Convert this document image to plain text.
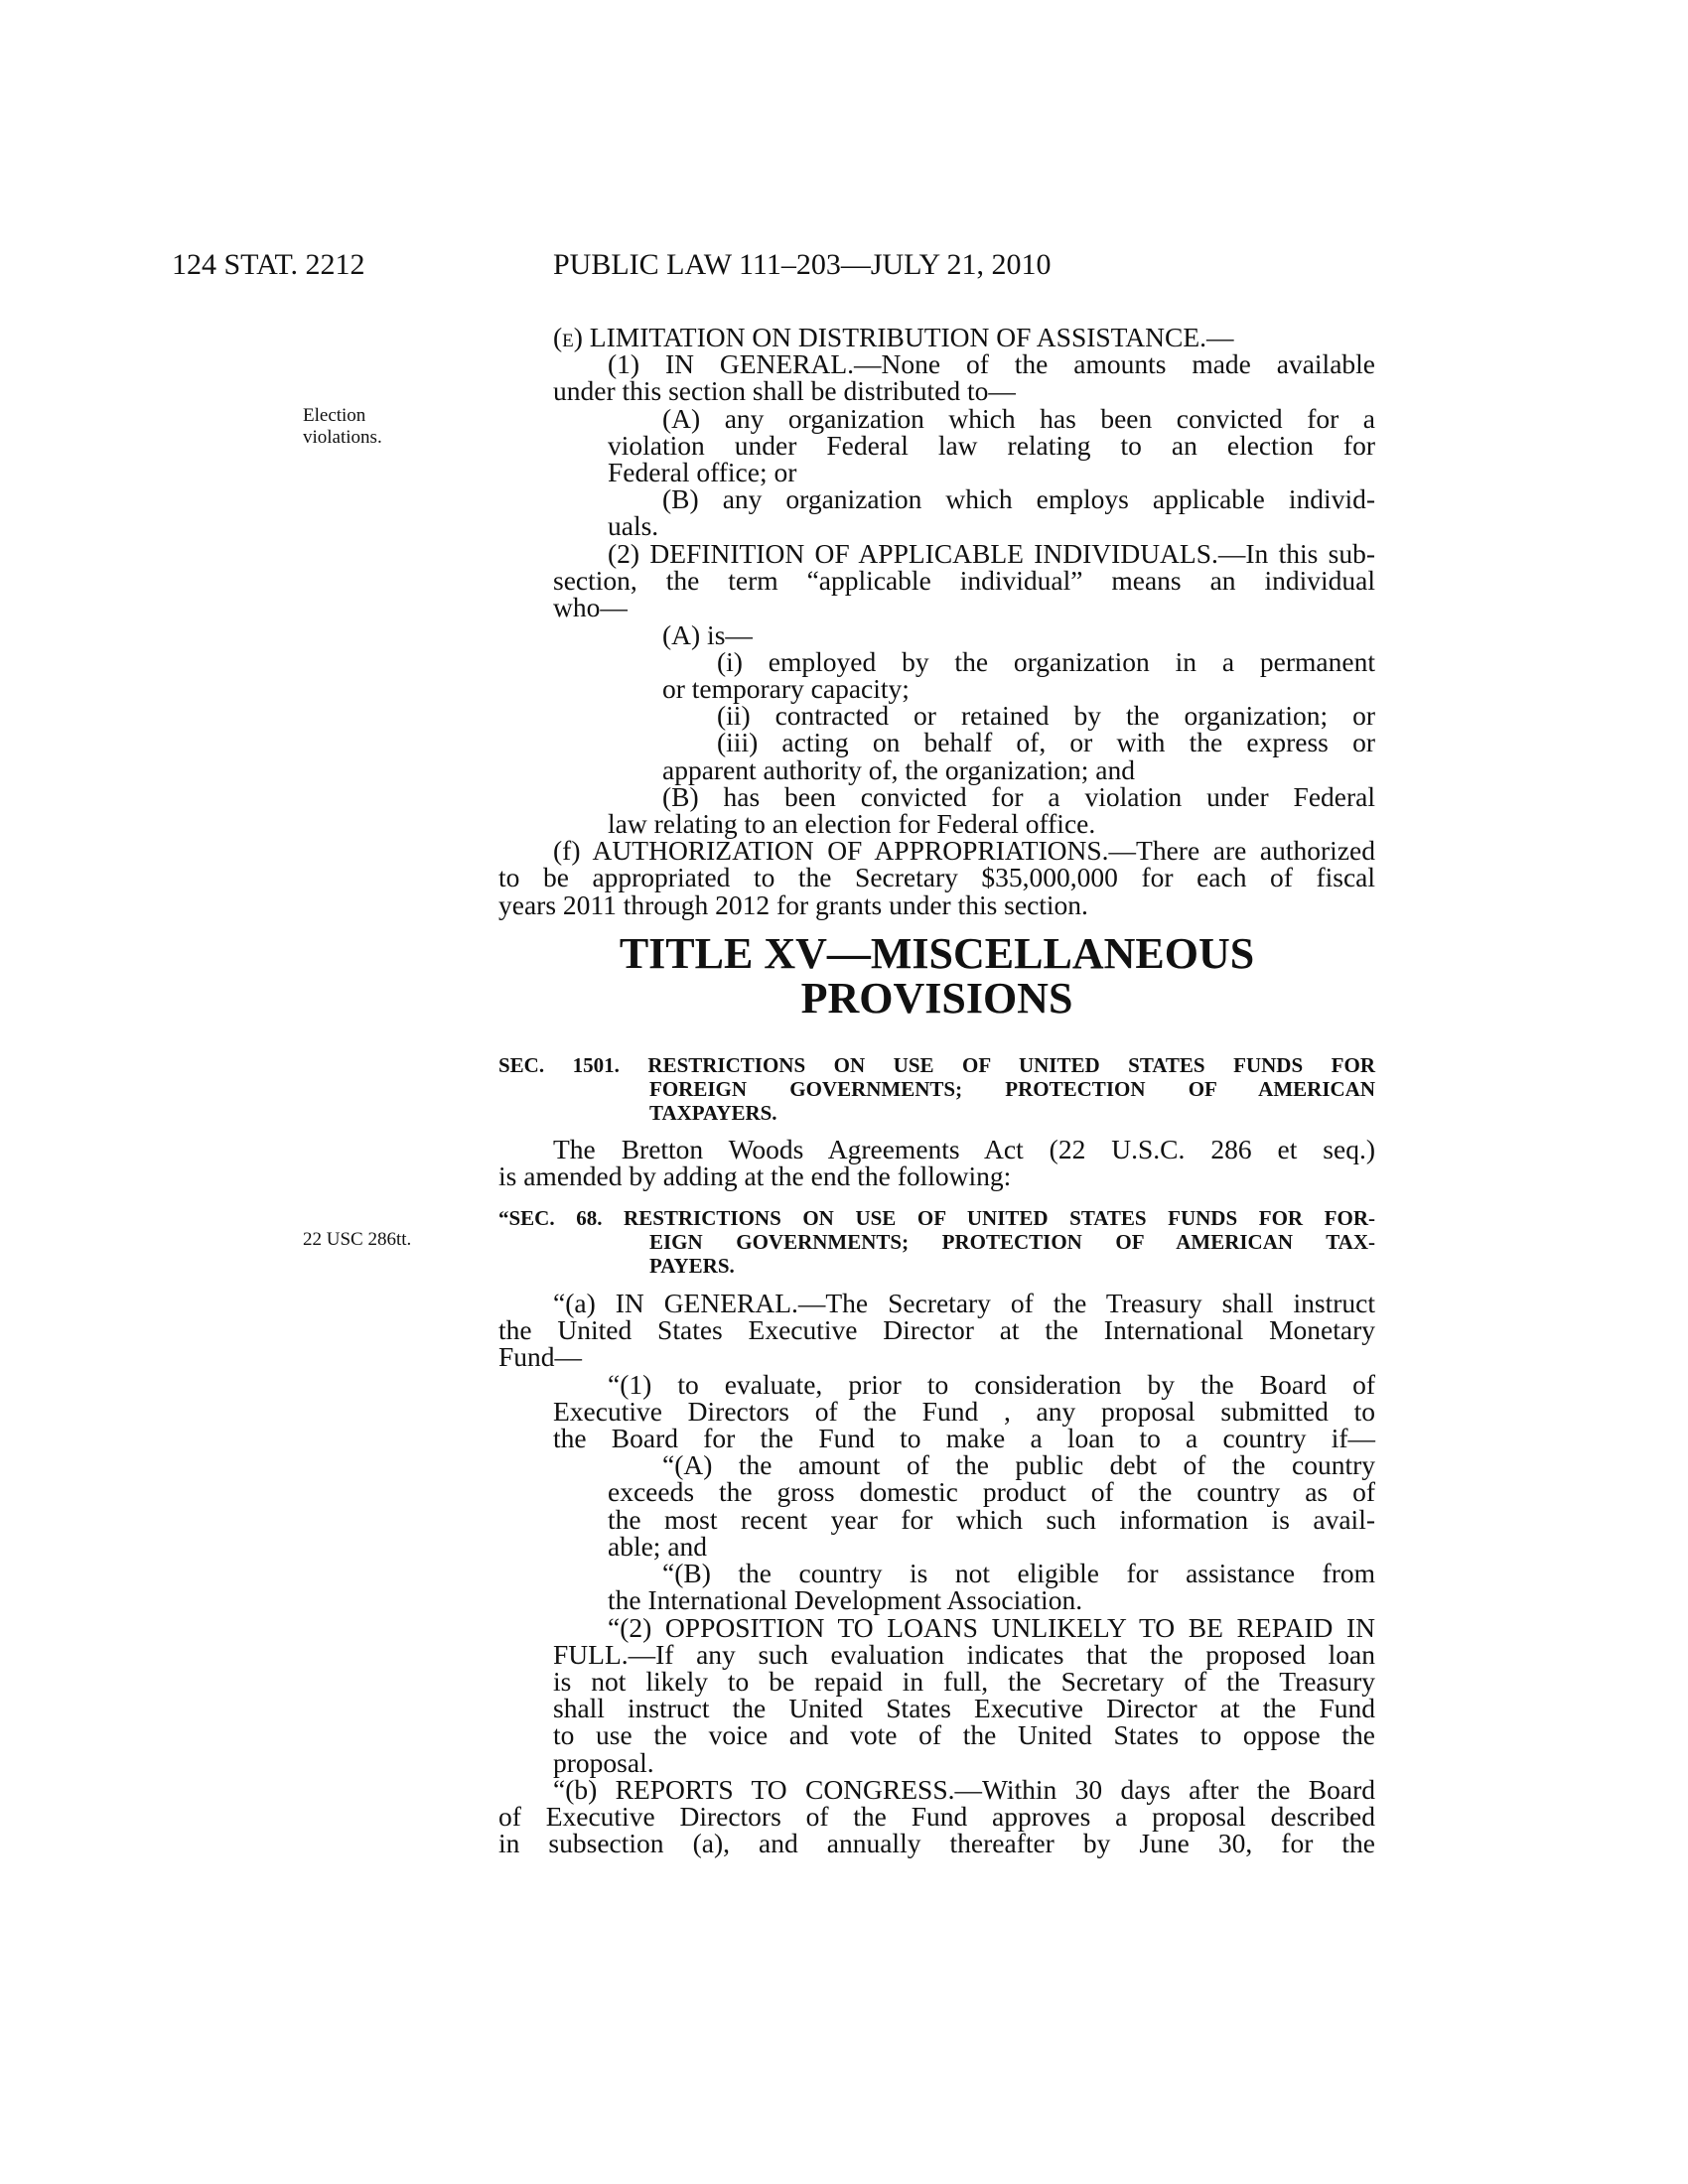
124 STAT. 2212	PUBLIC LAW 111–203—JULY 21, 2010
Election
violations.
22 USC 286tt.
(e) LIMITATION ON DISTRIBUTION OF ASSISTANCE.—
(1) IN GENERAL.—None of the amounts made available
under this section shall be distributed to—
(A) any organization which has been convicted for a
violation under Federal law relating to an election for
Federal office; or
(B) any organization which employs applicable individ-
uals.
(2) DEFINITION OF APPLICABLE INDIVIDUALS.—In this sub-
section, the term “applicable individual” means an individual
who—
(A) is—
(i) employed by the organization in a permanent
or temporary capacity;
(ii) contracted or retained by the organization; or
(iii) acting on behalf of, or with the express or
apparent authority of, the organization; and
(B) has been convicted for a violation under Federal
law relating to an election for Federal office.
(f) AUTHORIZATION OF APPROPRIATIONS.—There are authorized
to be appropriated to the Secretary $35,000,000 for each of fiscal
years 2011 through 2012 for grants under this section.
TITLE XV—MISCELLANEOUS
PROVISIONS
SEC. 1501. RESTRICTIONS ON USE OF UNITED STATES FUNDS FOR
FOREIGN GOVERNMENTS; PROTECTION OF AMERICAN
TAXPAYERS.
The Bretton Woods Agreements Act (22 U.S.C. 286 et seq.)
is amended by adding at the end the following:
“SEC. 68. RESTRICTIONS ON USE OF UNITED STATES FUNDS FOR FOR-
EIGN GOVERNMENTS; PROTECTION OF AMERICAN TAX-
PAYERS.
“(a) IN GENERAL.—The Secretary of the Treasury shall instruct
the United States Executive Director at the International Monetary
Fund—
“(1) to evaluate, prior to consideration by the Board of
Executive Directors of the Fund , any proposal submitted to
the Board for the Fund to make a loan to a country if—
“(A) the amount of the public debt of the country
exceeds the gross domestic product of the country as of
the most recent year for which such information is avail-
able; and
“(B) the country is not eligible for assistance from
the International Development Association.
“(2) OPPOSITION TO LOANS UNLIKELY TO BE REPAID IN
FULL.—If any such evaluation indicates that the proposed loan
is not likely to be repaid in full, the Secretary of the Treasury
shall instruct the United States Executive Director at the Fund
to use the voice and vote of the United States to oppose the
proposal.
“(b) REPORTS TO CONGRESS.—Within 30 days after the Board
of Executive Directors of the Fund approves a proposal described
in subsection (a), and annually thereafter by June 30, for the
